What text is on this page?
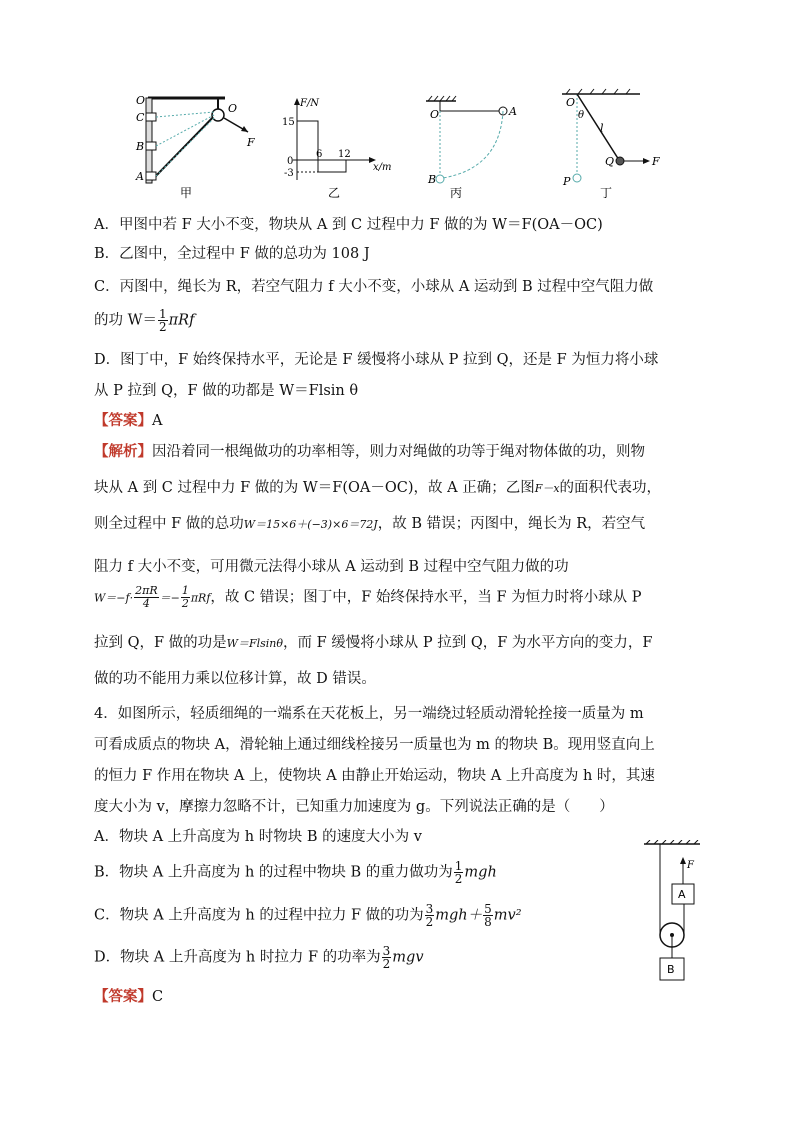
O
C
B
A
O
F
甲
F/N
x/m
15
0
-3
6 12
乙
O	A
B
丙
O
θ
l
Q	F
P
丁
A．甲图中若 F 大小不变，物块从 A 到 C 过程中力 F 做的为 W＝F(OA－OC)
B．乙图中，全过程中 F 做的总功为 108 J
C．丙图中，绳长为 R，若空气阻力 f 大小不变，小球从 A 运动到 B 过程中空气阻力做
的功 $W= \frac{1}{2}$ πRf
D．图丁中，F 始终保持水平，无论是 F 缓慢将小球从 P 拉到 Q，还是 F 为恒力将小球
从 P 拉到 Q，F 做的功都是 W＝Flsin θ
【答案】A
【解析】因沿着同一根绳做功的功率相等，则力对绳做的功等于绳对物体做的功，则物
块从 A 到 C 过程中力 F 做的为 W＝F(OA－OC)，故 A 正确；乙图F－x的面积代表功，
则全过程中 F 做的总功W＝15×6＋(−3)×6＝72J，故 B 错误；丙图中，绳长为 R，若空气
阻力 f 大小不变，可用微元法得小球从 A 运动到 B 过程中空气阻力做的功
$W=-f\cdot \frac{2\pi R}{4} =- \frac{1}{2}$ πRf，故 C 错误；图丁中，F 始终保持水平，当 F 为恒力时将小球从 P
拉到 Q，F 做的功是W＝Flsinθ，而 F 缓慢将小球从 P 拉到 Q，F 为水平方向的变力，F
做的功不能用力乘以位移计算，故 D 错误。
4．如图所示，轻质细绳的一端系在天花板上，另一端绕过轻质动滑轮拴接一质量为 m
可看成质点的物块 A，滑轮轴上通过细线栓接另一质量也为 m 的物块 B。现用竖直向上
的恒力 F 作用在物块 A 上，使物块 A 由静止开始运动，物块 A 上升高度为 h 时，其速
度大小为 v，摩擦力忽略不计，已知重力加速度为 g。下列说法正确的是（　　）
A．物块 A 上升高度为 h 时物块 B 的速度大小为 v
B．物块 A 上升高度为 h 的过程中物块 B 的重力做功为 $\frac{1}{2}$ mgh
C．物块 A 上升高度为 h 的过程中拉力 F 做的功为 $\frac{3}{2} mgh+ \frac{5}{8} mv^2$
D．物块 A 上升高度为 h 时拉力 F 的功率为 $\frac{3}{2}$ mgv
【答案】C
F
A
B
